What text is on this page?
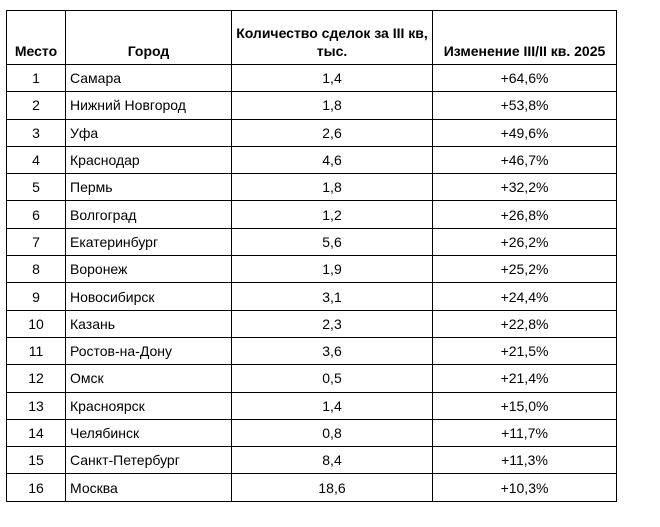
Место	Город	Количество сделок за III кв, тыс.	Изменение III/II кв. 2025
1	Самара	1,4	+64,6%
2	Нижний Новгород	1,8	+53,8%
3	Уфа	2,6	+49,6%
4	Краснодар	4,6	+46,7%
5	Пермь	1,8	+32,2%
6	Волгоград	1,2	+26,8%
7	Екатеринбург	5,6	+26,2%
8	Воронеж	1,9	+25,2%
9	Новосибирск	3,1	+24,4%
10	Казань	2,3	+22,8%
11	Ростов-на-Дону	3,6	+21,5%
12	Омск	0,5	+21,4%
13	Красноярск	1,4	+15,0%
14	Челябинск	0,8	+11,7%
15	Санкт-Петербург	8,4	+11,3%
16	Москва	18,6	+10,3%
